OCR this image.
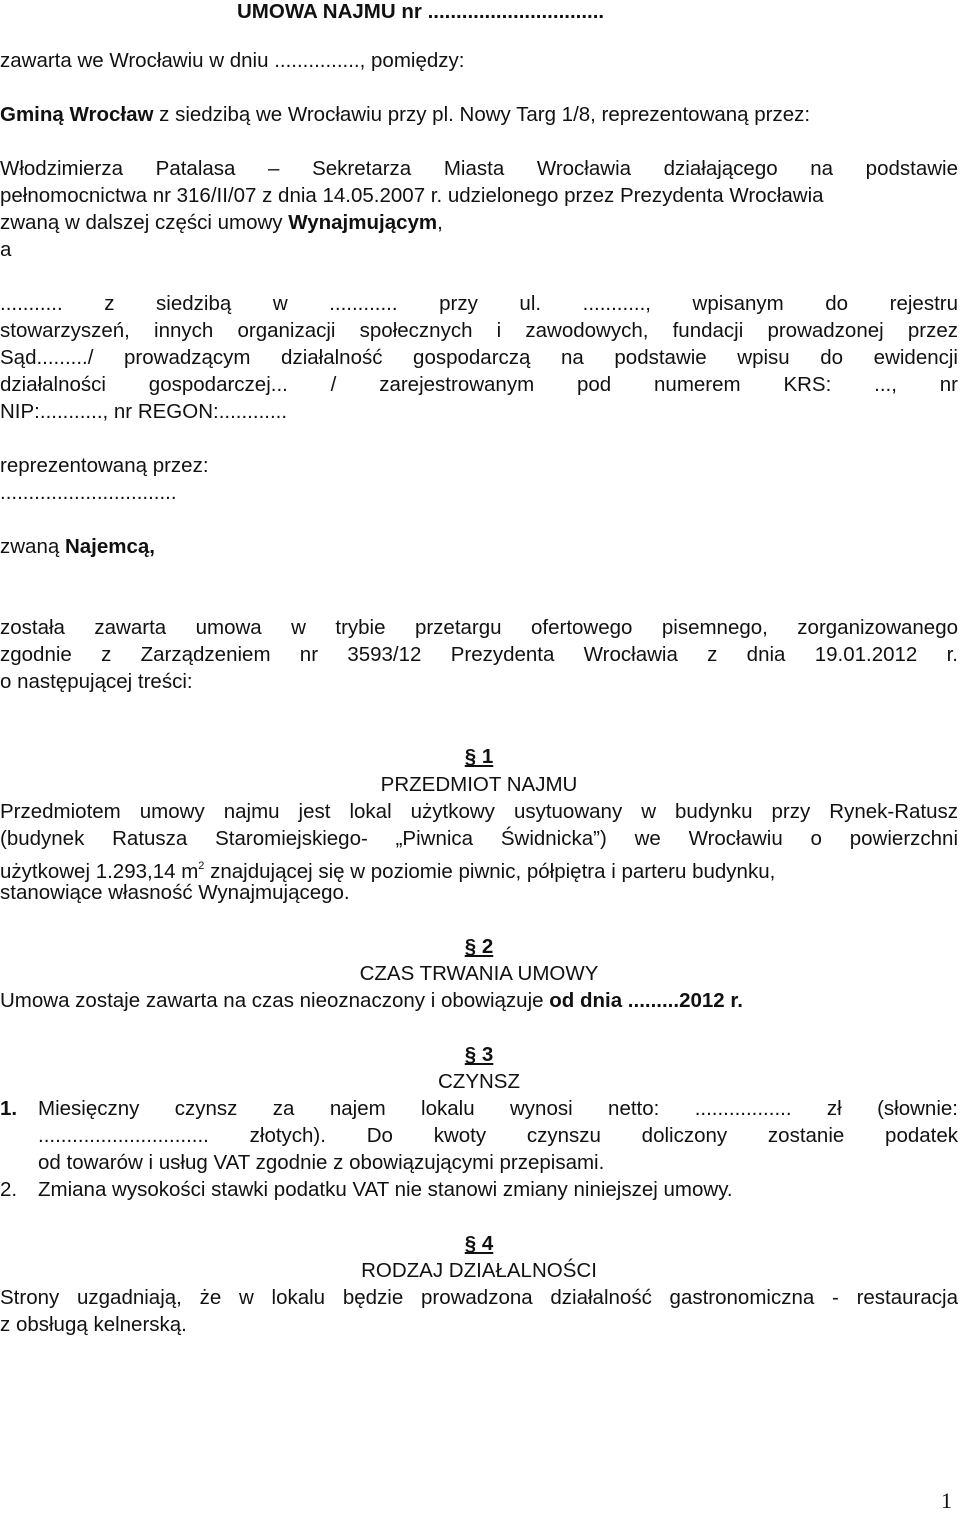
UMOWA NAJMU nr ...............................
zawarta we Wrocławiu w dniu ..............., pomiędzy:
Gminą Wrocław z siedzibą we Wrocławiu przy pl. Nowy Targ 1/8, reprezentowaną przez:
Włodzimierza Patalasa – Sekretarza Miasta Wrocławia działającego na podstawie
pełnomocnictwa nr 316/II/07 z dnia 14.05.2007 r. udzielonego przez Prezydenta Wrocławia
zwaną w dalszej części umowy Wynajmującym,
a
........... z siedzibą w ............ przy ul. ..........., wpisanym do rejestru
stowarzyszeń, innych organizacji społecznych i zawodowych, fundacji prowadzonej przez
Sąd........./ prowadzącym działalność gospodarczą na podstawie wpisu do ewidencji
działalności gospodarczej... / zarejestrowanym pod numerem KRS: ..., nr
NIP:..........., nr REGON:............
reprezentowaną przez:
...............................
zwaną Najemcą,
została zawarta umowa w trybie przetargu ofertowego pisemnego, zorganizowanego
zgodnie z Zarządzeniem nr 3593/12 Prezydenta Wrocławia z dnia 19.01.2012 r.
o następującej treści:
§ 1
PRZEDMIOT NAJMU
Przedmiotem umowy najmu jest lokal użytkowy usytuowany w budynku przy Rynek-Ratusz
(budynek Ratusza Staromiejskiego- „Piwnica Świdnicka”) we Wrocławiu o powierzchni
użytkowej 1.293,14 $m^2$ znajdującej się w poziomie piwnic, półpiętra i parteru budynku,
stanowiące własność Wynajmującego.
§ 2
CZAS TRWANIA UMOWY
Umowa zostaje zawarta na czas nieoznaczony i obowiązuje od dnia .........2012 r.
§ 3
CZYNSZ
1.	Miesięczny czynsz za najem lokalu wynosi netto: ................. zł (słownie:
.............................. złotych). Do kwoty czynszu doliczony zostanie podatek
od towarów i usług VAT zgodnie z obowiązującymi przepisami.
2.	Zmiana wysokości stawki podatku VAT nie stanowi zmiany niniejszej umowy.
§ 4
RODZAJ DZIAŁALNOŚCI
Strony uzgadniają, że w lokalu będzie prowadzona działalność gastronomiczna - restauracja
z obsługą kelnerską.
1
